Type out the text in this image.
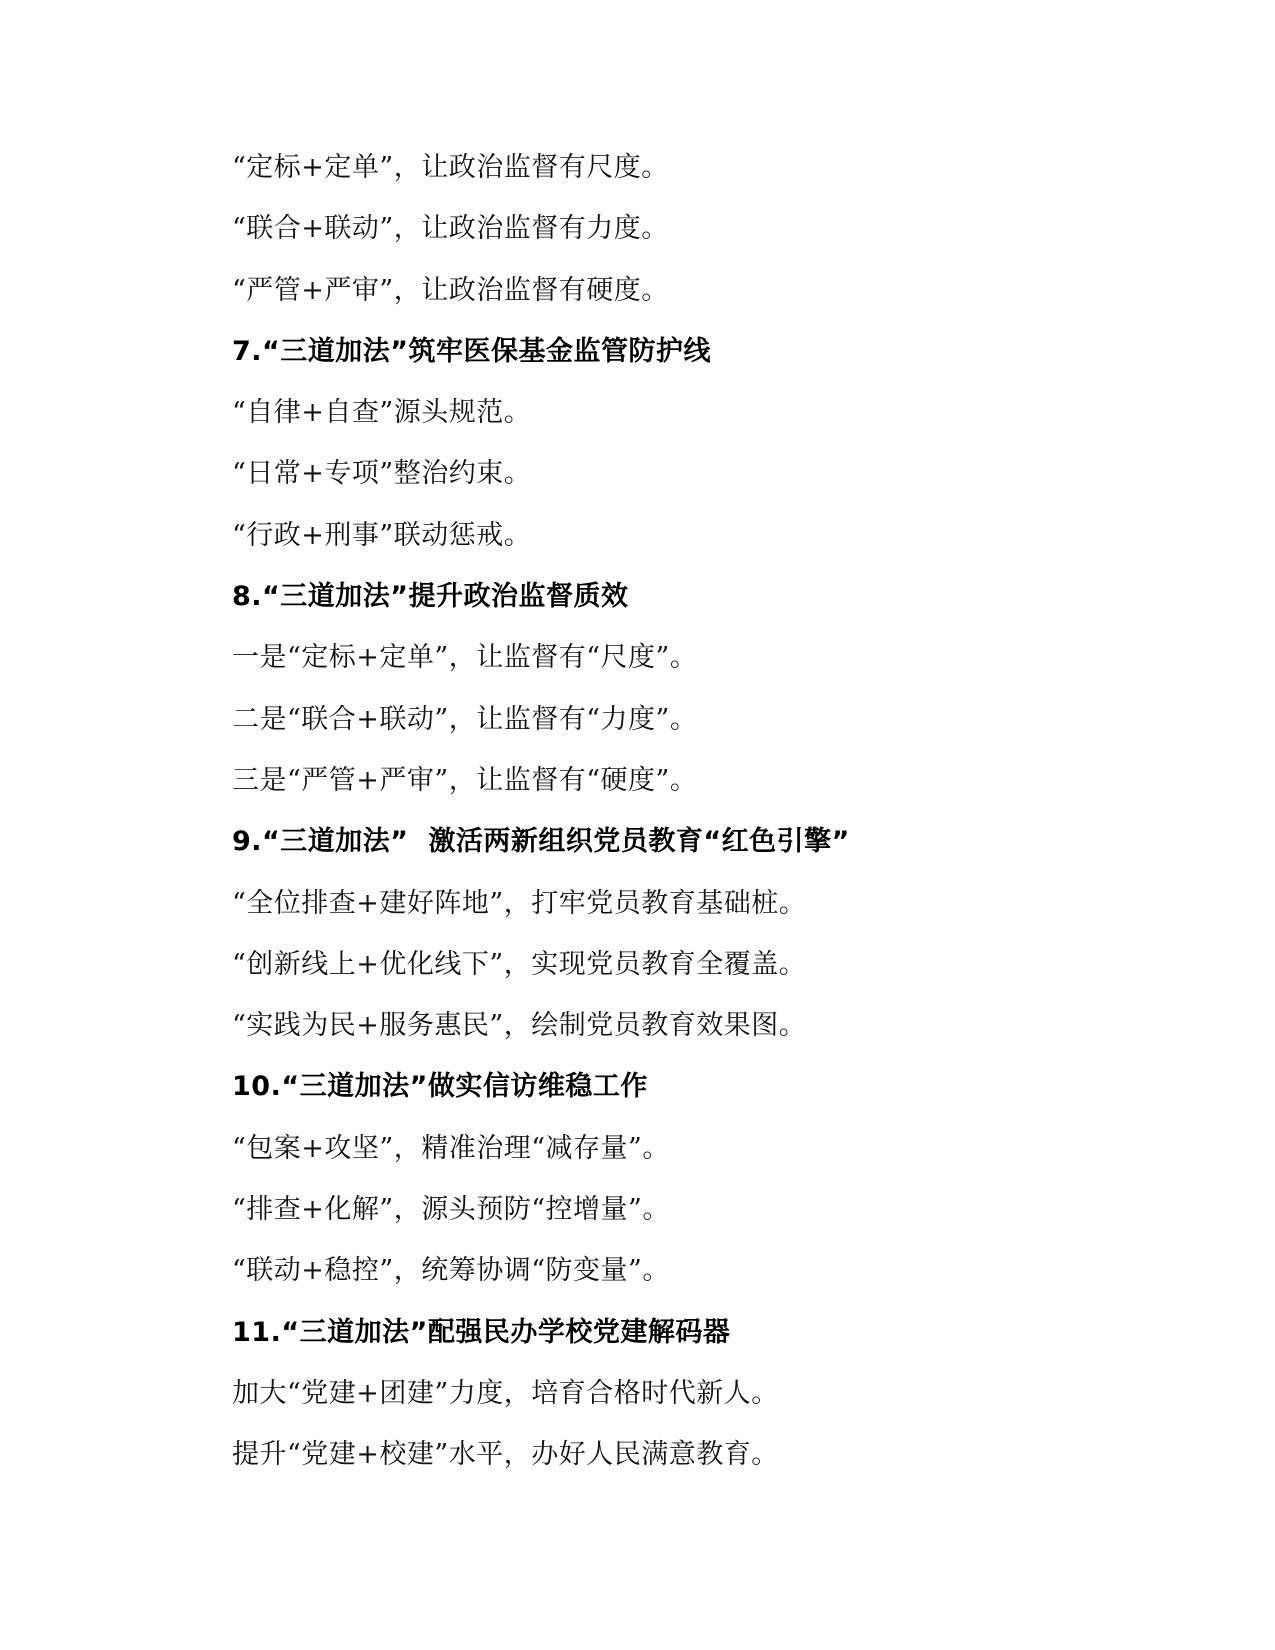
“定标+定单”，让政治监督有尺度。
“联合+联动”，让政治监督有力度。
“严管+严审”，让政治监督有硬度。
7.“三道加法”筑牢医保基金监管防护线
“自律+自查”源头规范。
“日常+专项”整治约束。
“行政+刑事”联动惩戒。
8.“三道加法”提升政治监督质效
一是“定标+定单”，让监督有“尺度”。
二是“联合+联动”，让监督有“力度”。
三是“严管+严审”，让监督有“硬度”。
9.“三道加法”  激活两新组织党员教育“红色引擎”
“全位排查+建好阵地”，打牢党员教育基础桩。
“创新线上+优化线下”，实现党员教育全覆盖。
“实践为民+服务惠民”，绘制党员教育效果图。
10.“三道加法”做实信访维稳工作
“包案+攻坚”，精准治理“减存量”。
“排查+化解”，源头预防“控增量”。
“联动+稳控”，统筹协调“防变量”。
11.“三道加法”配强民办学校党建解码器
加大“党建+团建”力度，培育合格时代新人。
提升“党建+校建”水平，办好人民满意教育。
